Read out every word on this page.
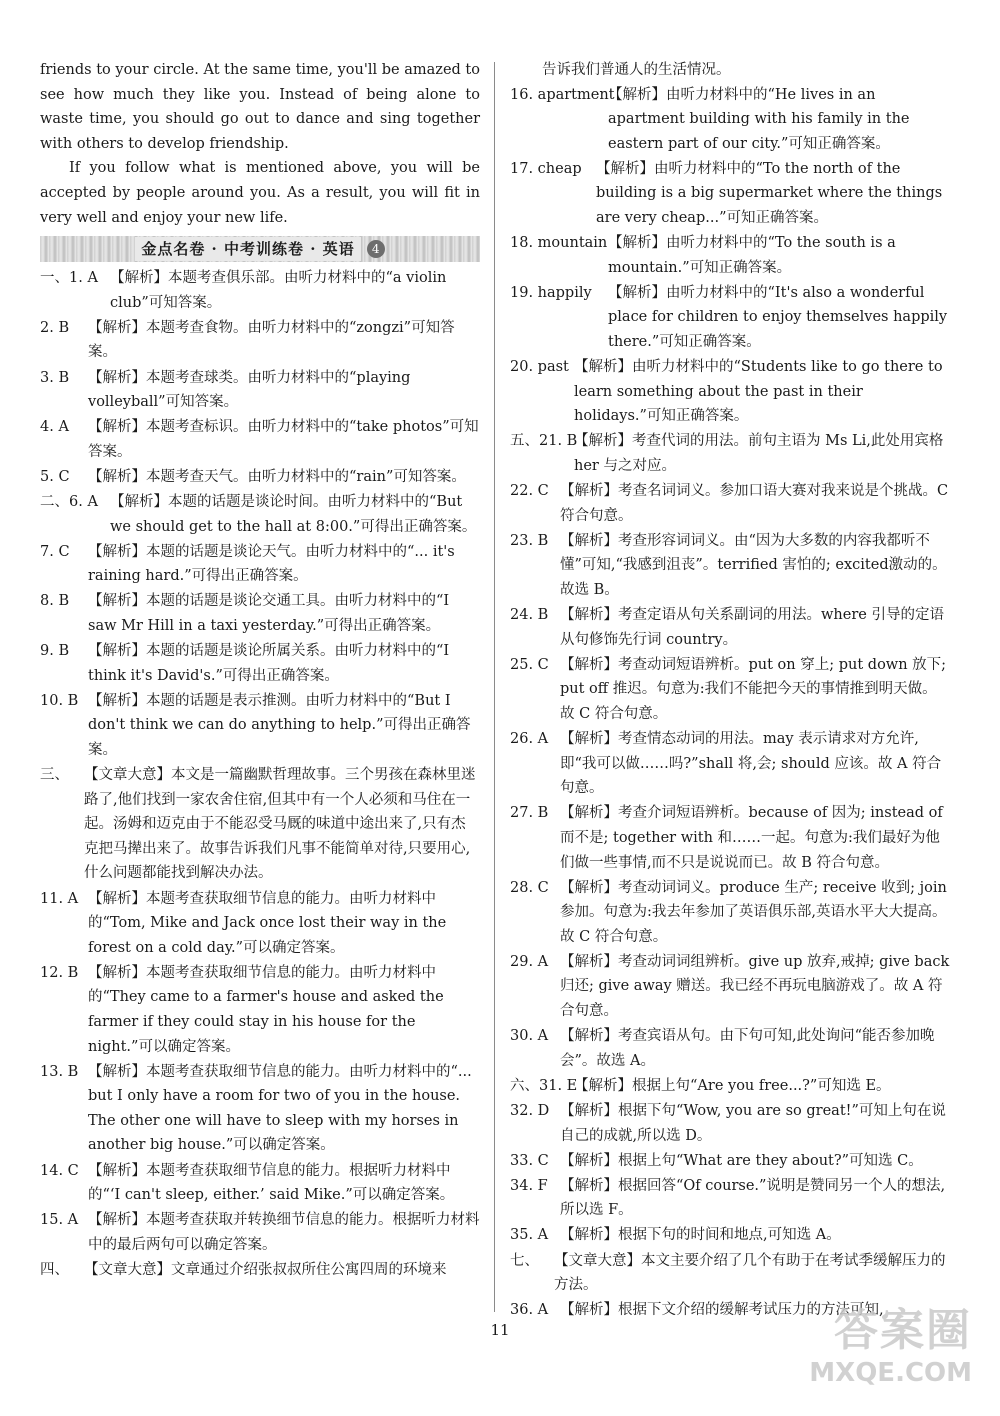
friends to your circle. At the same time, you'll be amazed to see how much they like you. Instead of being alone to waste time, you should go out to dance and sing together with others to develop friendship.

If you follow what is mentioned above, you will be accepted by people around you. As a result, you will fit in very well and enjoy your new life.

金点名卷 · 中考训练卷 · 英语	4
一、1. A 【解析】本题考查俱乐部。由听力材料中的“a violin club”可知答案。
2. B	【解析】本题考查食物。由听力材料中的“zongzi”可知答案。
3. B	【解析】本题考查球类。由听力材料中的“playing volleyball”可知答案。
4. A	【解析】本题考查标识。由听力材料中的“take photos”可知答案。
5. C	【解析】本题考查天气。由听力材料中的“rain”可知答案。
二、6. A 【解析】本题的话题是谈论时间。由听力材料中的“But we should get to the hall at 8:00.”可得出正确答案。
7. C	【解析】本题的话题是谈论天气。由听力材料中的“... it's raining hard.”可得出正确答案。
8. B	【解析】本题的话题是谈论交通工具。由听力材料中的“I saw Mr Hill in a taxi yesterday.”可得出正确答案。
9. B	【解析】本题的话题是谈论所属关系。由听力材料中的“I think it's David's.”可得出正确答案。
10. B 【解析】本题的话题是表示推测。由听力材料中的“But I don't think we can do anything to help.”可得出正确答案。
三、	【文章大意】本文是一篇幽默哲理故事。三个男孩在森林里迷路了,他们找到一家农舍住宿,但其中有一个人必须和马住在一起。汤姆和迈克由于不能忍受马厩的味道中途出来了,只有杰克把马撵出来了。故事告诉我们凡事不能简单对待,只要用心,什么问题都能找到解决办法。
11. A 【解析】本题考查获取细节信息的能力。由听力材料中的“Tom, Mike and Jack once lost their way in the forest on a cold day.”可以确定答案。
12. B 【解析】本题考查获取细节信息的能力。由听力材料中的“They came to a farmer's house and asked the farmer if they could stay in his house for the night.”可以确定答案。
13. B 【解析】本题考查获取细节信息的能力。由听力材料中的“... but I only have a room for two of you in the house. The other one will have to sleep with my horses in another big house.”可以确定答案。
14. C 【解析】本题考查获取细节信息的能力。根据听力材料中的“‘I can't sleep, either.’ said Mike.”可以确定答案。
15. A 【解析】本题考查获取并转换细节信息的能力。根据听力材料中的最后两句可以确定答案。
四、	【文章大意】文章通过介绍张叔叔所住公寓四周的环境来

告诉我们普通人的生活情况。

16. apartment
【解析】由听力材料中的“He lives in an apartment building with his family in the eastern part of our city.”可知正确答案。
17. cheap 【解析】由听力材料中的“To the north of the building is a big supermarket where the things are very cheap...”可知正确答案。
18. mountain 【解析】由听力材料中的“To the south is a mountain.”可知正确答案。
19. happily	【解析】由听力材料中的“It's also a wonderful place for children to enjoy themselves happily there.”可知正确答案。
20. past 【解析】由听力材料中的“Students like to go there to learn something about the past in their holidays.”可知正确答案。
五、21. B
【解析】考查代词的用法。前句主语为 Ms Li,此处用宾格 her 与之对应。
22. C 【解析】考查名词词义。参加口语大赛对我来说是个挑战。C 符合句意。
23. B 【解析】考查形容词词义。由“因为大多数的内容我都听不懂”可知,“我感到沮丧”。terrified 害怕的; excited激动的。故选 B。
24. B 【解析】考查定语从句关系副词的用法。where 引导的定语从句修饰先行词 country。
25. C 【解析】考查动词短语辨析。put on 穿上; put down 放下; put off 推迟。句意为:我们不能把今天的事情推到明天做。故 C 符合句意。
26. A 【解析】考查情态动词的用法。may 表示请求对方允许,即“我可以做……吗?”shall 将,会; should 应该。故 A 符合句意。
27. B 【解析】考查介词短语辨析。because of 因为; instead of 而不是; together with 和……一起。句意为:我们最好为他们做一些事情,而不只是说说而已。故 B 符合句意。
28. C 【解析】考查动词词义。produce 生产; receive 收到; join 参加。句意为:我去年参加了英语俱乐部,英语水平大大提高。故 C 符合句意。
29. A 【解析】考查动词词组辨析。give up 放弃,戒掉; give back 归还; give away 赠送。我已经不再玩电脑游戏了。故 A 符合句意。
30. A 【解析】考查宾语从句。由下句可知,此处询问“能否参加晚会”。故选 A。
六、31. E
【解析】根据上句“Are you free...?”可知选 E。
32. D 【解析】根据下句“Wow, you are so great!”可知上句在说自己的成就,所以选 D。
33. C 【解析】根据上句“What are they about?”可知选 C。
34. F 【解析】根据回答“Of course.”说明是赞同另一个人的想法,所以选 F。
35. A 【解析】根据下句的时间和地点,可知选 A。
七、	【文章大意】本文主要介绍了几个有助于在考试季缓解压力的方法。
36. A 【解析】根据下文介绍的缓解考试压力的方法可知,
11	答案圈
MXQE.COM
